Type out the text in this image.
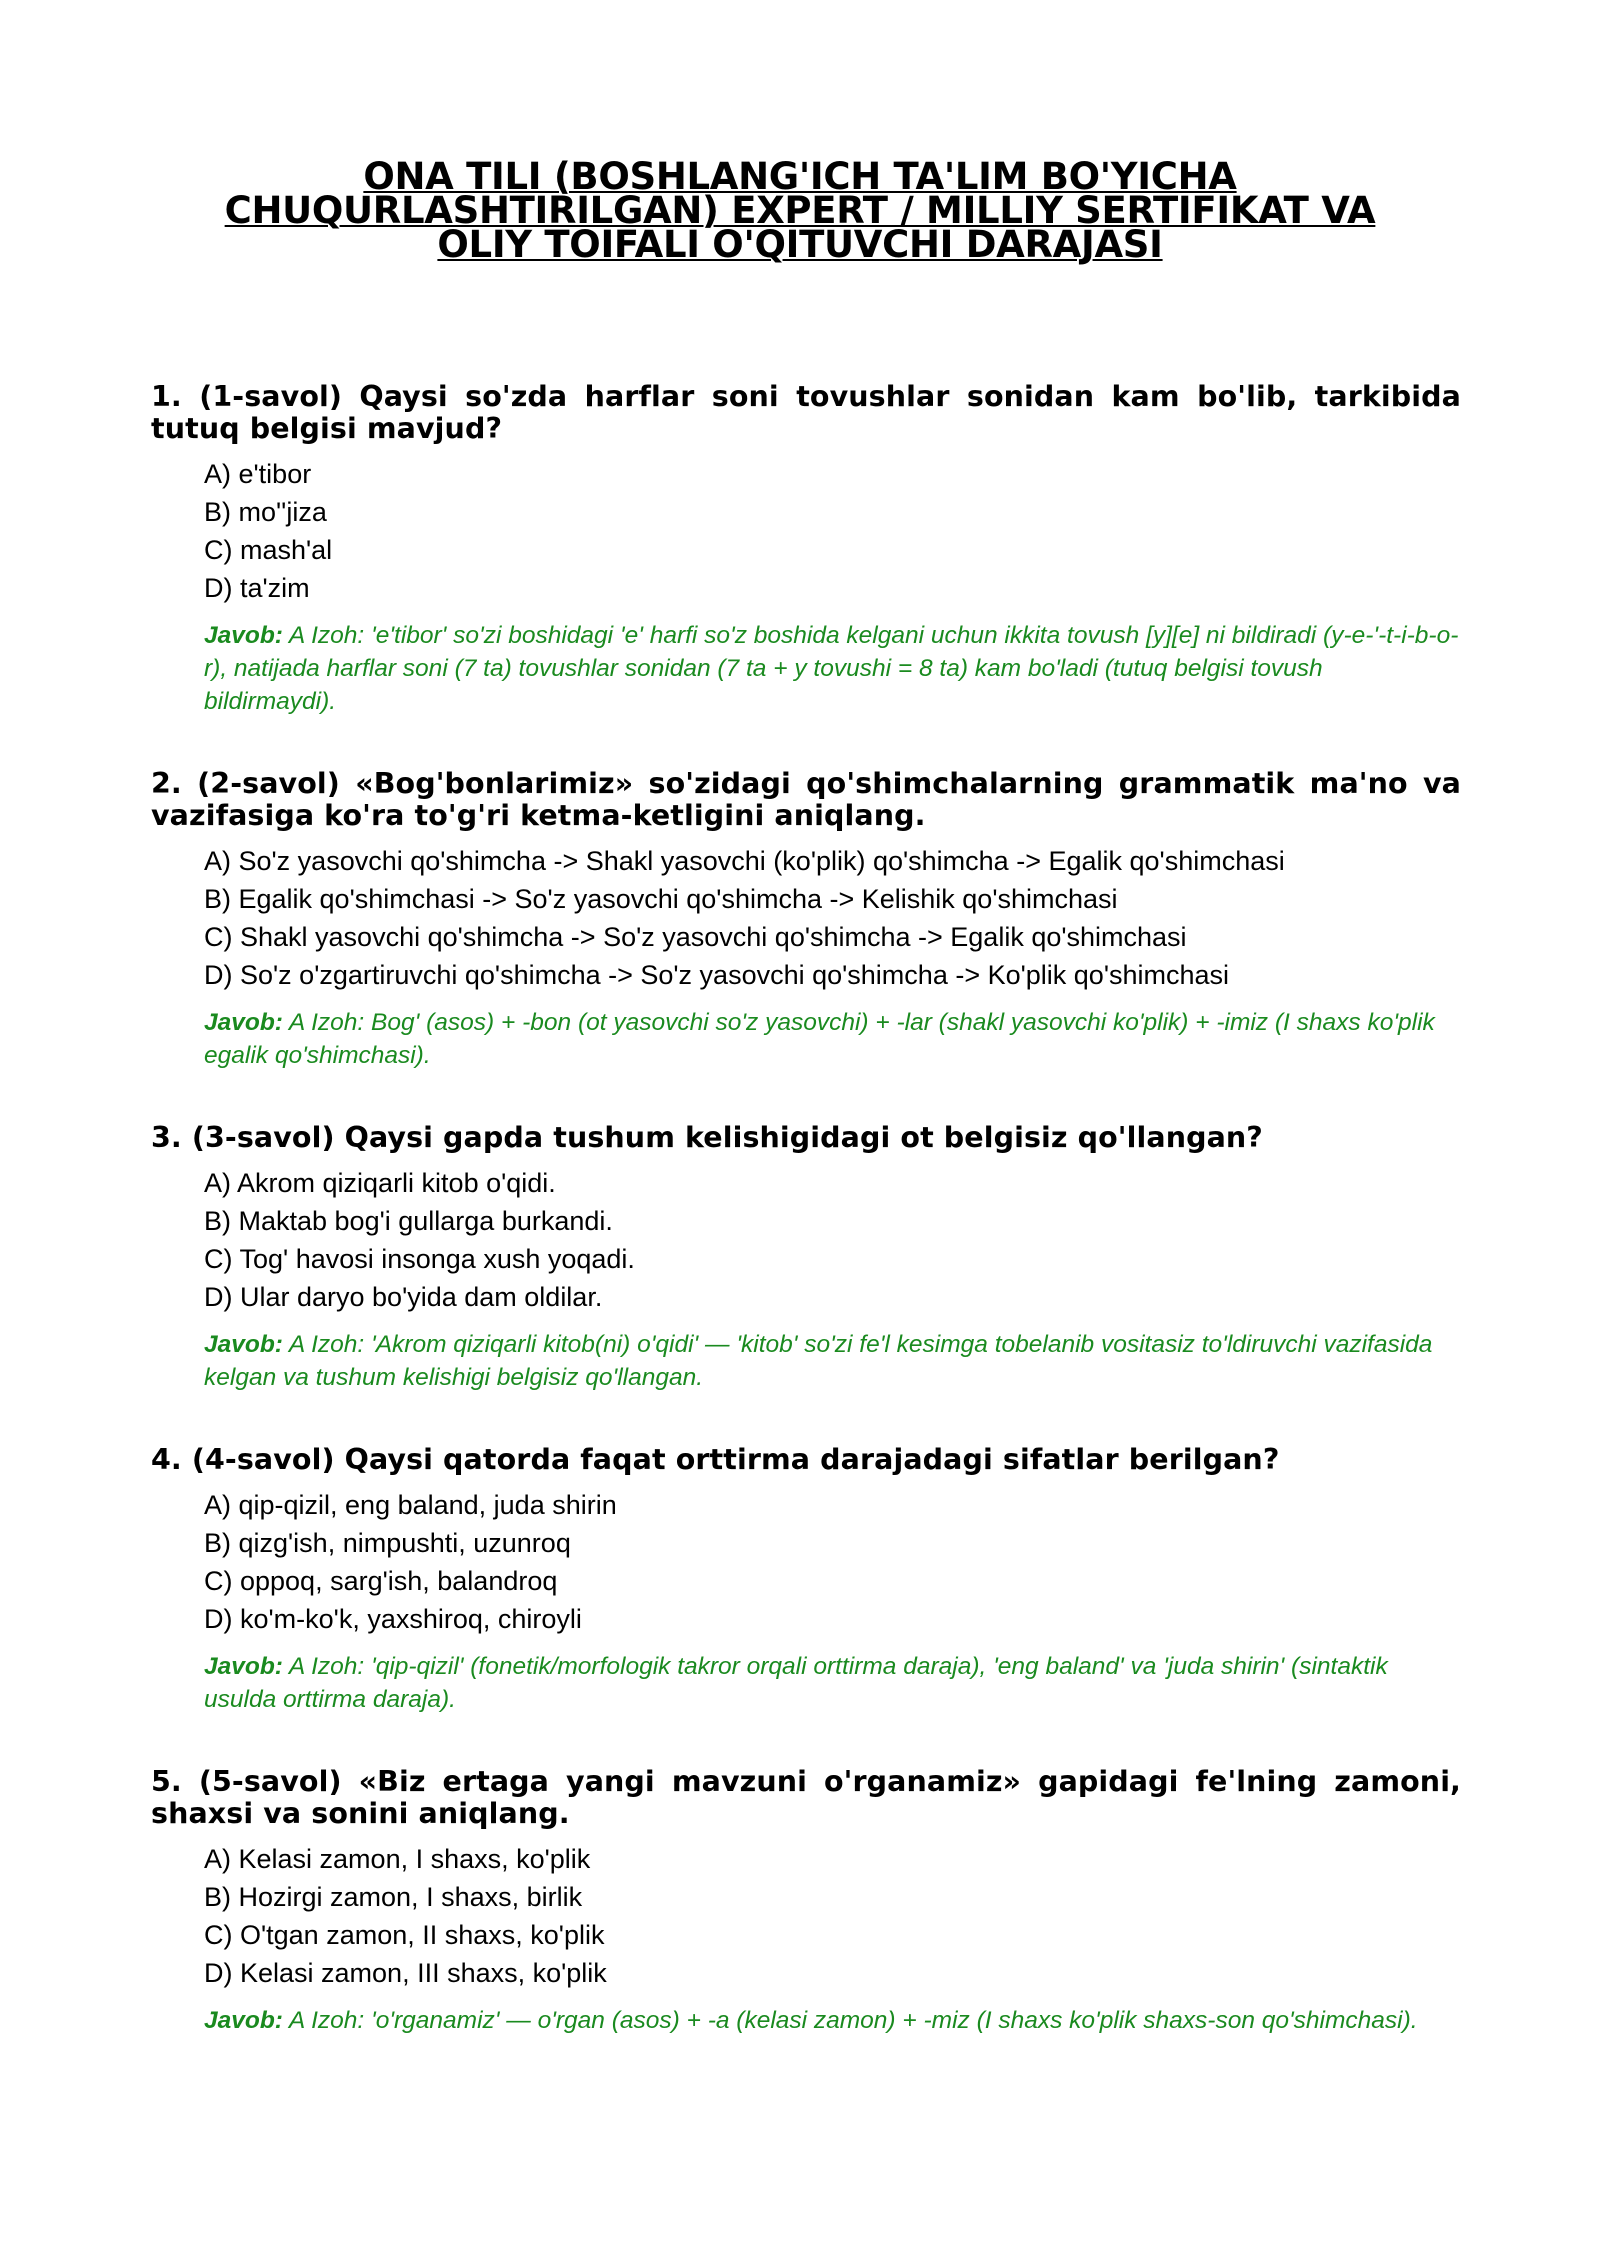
ONA TILI (BOSHLANG'ICH TA'LIM BO'YICHA
CHUQURLASHTIRILGAN) EXPERT / MILLIY SERTIFIKAT VA
OLIY TOIFALI O'QITUVCHI DARAJASI
1. (1-savol) Qaysi so'zda harflar soni tovushlar sonidan kam bo'lib, tarkibida tutuq belgisi mavjud?
A) e'tibor
B) mo''jiza
C) mash'al
D) ta'zim
Javob: A Izoh: 'e'tibor' so'zi boshidagi 'e' harfi so'z boshida kelgani uchun ikkita tovush [y][e] ni bildiradi (y-e-'-t-i-b-o-r), natijada harflar soni (7 ta) tovushlar sonidan (7 ta + y tovushi = 8 ta) kam bo'ladi (tutuq belgisi tovush bildirmaydi).
2. (2-savol) «Bog'bonlarimiz» so'zidagi qo'shimchalarning grammatik ma'no va vazifasiga ko'ra to'g'ri ketma-ketligini aniqlang.
A) So'z yasovchi qo'shimcha -> Shakl yasovchi (ko'plik) qo'shimcha -> Egalik qo'shimchasi
B) Egalik qo'shimchasi -> So'z yasovchi qo'shimcha -> Kelishik qo'shimchasi
C) Shakl yasovchi qo'shimcha -> So'z yasovchi qo'shimcha -> Egalik qo'shimchasi
D) So'z o'zgartiruvchi qo'shimcha -> So'z yasovchi qo'shimcha -> Ko'plik qo'shimchasi
Javob: A Izoh: Bog' (asos) + -bon (ot yasovchi so'z yasovchi) + -lar (shakl yasovchi ko'plik) + -imiz (I shaxs ko'plik egalik qo'shimchasi).
3. (3-savol) Qaysi gapda tushum kelishigidagi ot belgisiz qo'llangan?
A) Akrom qiziqarli kitob o'qidi.
B) Maktab bog'i gullarga burkandi.
C) Tog' havosi insonga xush yoqadi.
D) Ular daryo bo'yida dam oldilar.
Javob: A Izoh: 'Akrom qiziqarli kitob(ni) o'qidi' — 'kitob' so'zi fe'l kesimga tobelanib vositasiz to'ldiruvchi vazifasida kelgan va tushum kelishigi belgisiz qo'llangan.
4. (4-savol) Qaysi qatorda faqat orttirma darajadagi sifatlar berilgan?
A) qip-qizil, eng baland, juda shirin
B) qizg'ish, nimpushti, uzunroq
C) oppoq, sarg'ish, balandroq
D) ko'm-ko'k, yaxshiroq, chiroyli
Javob: A Izoh: 'qip-qizil' (fonetik/morfologik takror orqali orttirma daraja), 'eng baland' va 'juda shirin' (sintaktik usulda orttirma daraja).
5. (5-savol) «Biz ertaga yangi mavzuni o'rganamiz» gapidagi fe'lning zamoni, shaxsi va sonini aniqlang.
A) Kelasi zamon, I shaxs, ko'plik
B) Hozirgi zamon, I shaxs, birlik
C) O'tgan zamon, II shaxs, ko'plik
D) Kelasi zamon, III shaxs, ko'plik
Javob: A Izoh: 'o'rganamiz' — o'rgan (asos) + -a (kelasi zamon) + -miz (I shaxs ko'plik shaxs-son qo'shimchasi).
